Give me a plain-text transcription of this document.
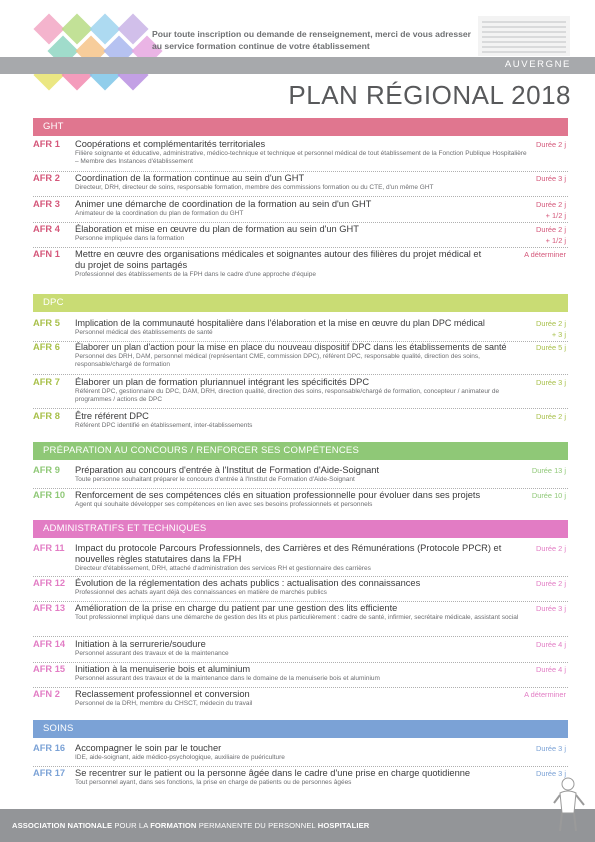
Pour toute inscription ou demande de renseignement, merci de vous adresser au service formation continue de votre établissement
AUVERGNE
PLAN RÉGIONAL 2018
GHT
AFR 1 Coopérations et complémentarités territoriales
Filière soignante et éducative, administrative, médico-technique et technique et personnel médical de tout établissement de la Fonction Publique Hospitalière – Membre des Instances d'établissement
Durée 2 j
AFR 2 Coordination de la formation continue au sein d'un GHT
Directeur, DRH, directeur de soins, responsable formation, membre des commissions formation ou du CTE, d'un même GHT
Durée 3 j
AFR 3 Animer une démarche de coordination de la formation au sein d'un GHT
Animateur de la coordination du plan de formation du GHT
Durée 2 j
+ 1/2 j
AFR 4 Élaboration et mise en œuvre du plan de formation au sein d'un GHT
Personne impliquée dans la formation
Durée 2 j
+ 1/2 j
AFN 1 Mettre en œuvre des organisations médicales et soignantes autour des filières du projet médical et du projet de soins partagés
Professionnel des établissements de la FPH dans le cadre d'une approche d'équipe
A déterminer
DPC
AFR 5 Implication de la communauté hospitalière dans l'élaboration et la mise en œuvre du plan DPC médical
Personnel médical des établissements de santé
Durée 2 j
+ 3 j
AFR 6 Élaborer un plan d'action pour la mise en place du nouveau dispositif DPC dans les établissements de santé
Personnel des DRH, DAM, personnel médical (représentant CME, commission DPC), référent DPC, responsable qualité, direction des soins, responsable/chargé de formation
Durée 5 j
AFR 7 Élaborer un plan de formation pluriannuel intégrant les spécificités DPC
Référent DPC, gestionnaire du DPC, DAM, DRH, direction qualité, direction des soins, responsable/chargé de formation, concepteur / animateur de programmes / actions de DPC
Durée 3 j
AFR 8 Être référent DPC
Référent DPC identifié en établissement, inter-établissements
Durée 2 j
PRÉPARATION AU CONCOURS / RENFORCER SES COMPÉTENCES
AFR 9 Préparation au concours d'entrée à l'Institut de Formation d'Aide-Soignant
Toute personne souhaitant préparer le concours d'entrée à l'Institut de Formation d'Aide-Soignant
Durée 13 j
AFR 10 Renforcement de ses compétences clés en situation professionnelle pour évoluer dans ses projets
Agent qui souhaite développer ses compétences en lien avec ses besoins professionnels et personnels
Durée 10 j
ADMINISTRATIFS ET TECHNIQUES
AFR 11 Impact du protocole Parcours Professionnels, des Carrières et des Rémunérations (Protocole PPCR) et nouvelles règles statutaires dans la FPH
Directeur d'établissement, DRH, attaché d'administration des services RH et gestionnaire des carrières
Durée 2 j
AFR 12 Évolution de la réglementation des achats publics : actualisation des connaissances
Professionnel des achats ayant déjà des connaissances en matière de marchés publics
Durée 2 j
AFR 13 Amélioration de la prise en charge du patient par une gestion des lits efficiente
Tout professionnel impliqué dans une démarche de gestion des lits et plus particulièrement : cadre de santé, infirmier, secrétaire médicale, assistant social
Durée 3 j
AFR 14 Initiation à la serrurerie/soudure
Personnel assurant des travaux et de la maintenance
Durée 4 j
AFR 15 Initiation à la menuiserie bois et aluminium
Personnel assurant des travaux et de la maintenance dans le domaine de la menuiserie bois et aluminium
Durée 4 j
AFN 2 Reclassement professionnel et conversion
Personnel de la DRH, membre du CHSCT, médecin du travail
A déterminer
SOINS
AFR 16 Accompagner le soin par le toucher
IDE, aide-soignant, aide médico-psychologique, auxiliaire de puériculture
Durée 3 j
AFR 17 Se recentrer sur le patient ou la personne âgée dans le cadre d'une prise en charge quotidienne
Tout personnel ayant, dans ses fonctions, la prise en charge de patients ou de personnes âgées
Durée 3 j
ASSOCIATION NATIONALE POUR LA FORMATION PERMANENTE DU PERSONNEL HOSPITALIER
